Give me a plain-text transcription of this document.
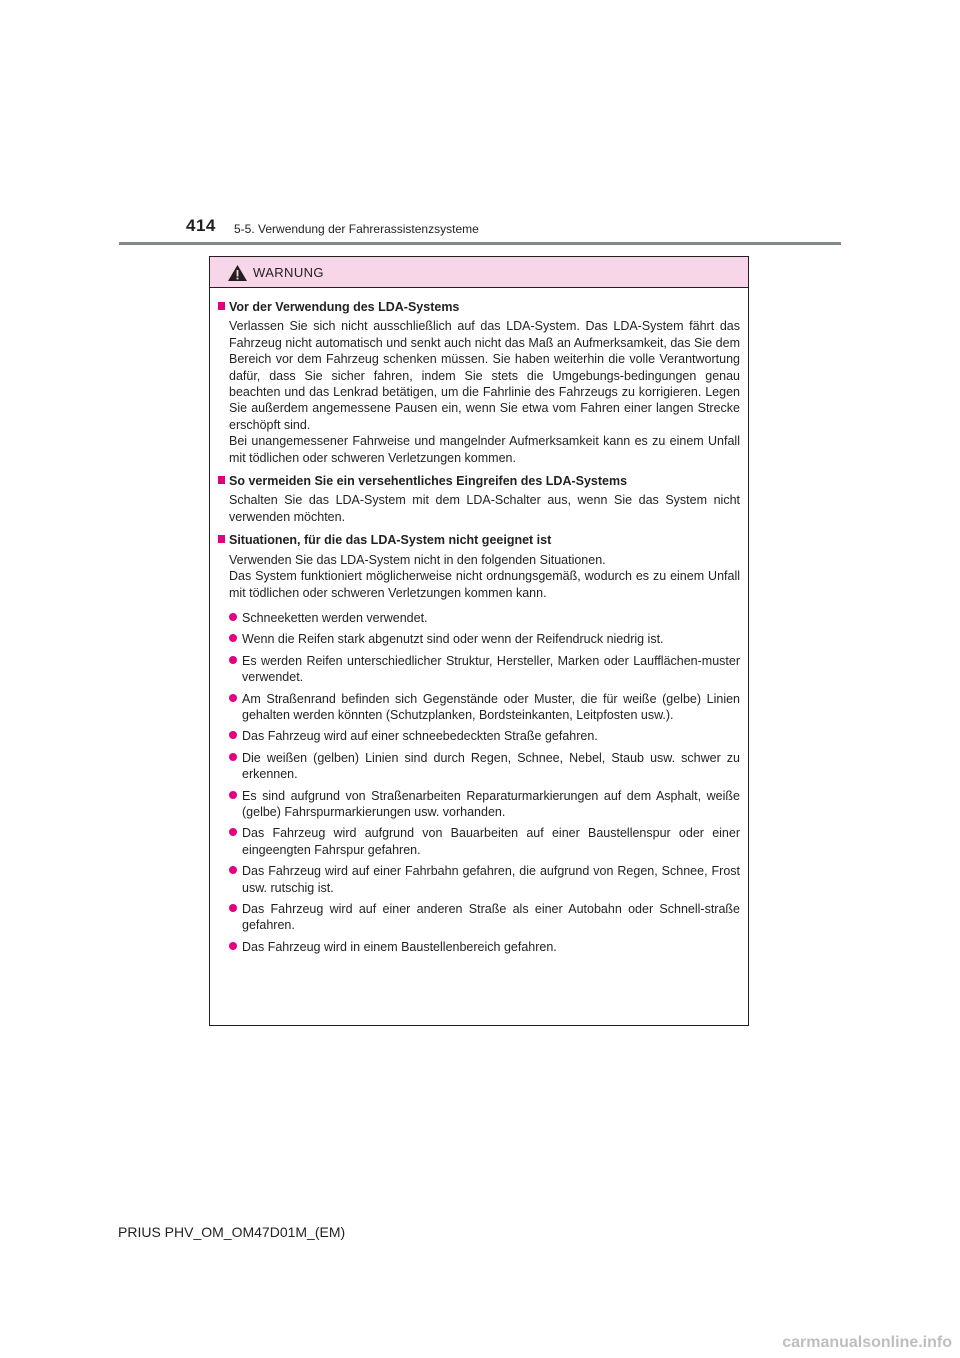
414 5-5. Verwendung der Fahrerassistenzsysteme
WARNUNG
Vor der Verwendung des LDA-Systems

Verlassen Sie sich nicht ausschließlich auf das LDA-System. Das LDA-System fährt das Fahrzeug nicht automatisch und senkt auch nicht das Maß an Aufmerksamkeit, das Sie dem Bereich vor dem Fahrzeug schenken müssen. Sie haben weiterhin die volle Verantwortung dafür, dass Sie sicher fahren, indem Sie stets die Umgebungs-bedingungen genau beachten und das Lenkrad betätigen, um die Fahrlinie des Fahrzeugs zu korrigieren. Legen Sie außerdem angemessene Pausen ein, wenn Sie etwa vom Fahren einer langen Strecke erschöpft sind.

Bei unangemessener Fahrweise und mangelnder Aufmerksamkeit kann es zu einem Unfall mit tödlichen oder schweren Verletzungen kommen.

So vermeiden Sie ein versehentliches Eingreifen des LDA-Systems

Schalten Sie das LDA-System mit dem LDA-Schalter aus, wenn Sie das System nicht verwenden möchten.

Situationen, für die das LDA-System nicht geeignet ist

Verwenden Sie das LDA-System nicht in den folgenden Situationen.

Das System funktioniert möglicherweise nicht ordnungsgemäß, wodurch es zu einem Unfall mit tödlichen oder schweren Verletzungen kommen kann.

Schneeketten werden verwendet.
Wenn die Reifen stark abgenutzt sind oder wenn der Reifendruck niedrig ist.
Es werden Reifen unterschiedlicher Struktur, Hersteller, Marken oder Laufflächen-muster verwendet.
Am Straßenrand befinden sich Gegenstände oder Muster, die für weiße (gelbe) Linien gehalten werden könnten (Schutzplanken, Bordsteinkanten, Leitpfosten usw.).
Das Fahrzeug wird auf einer schneebedeckten Straße gefahren.
Die weißen (gelben) Linien sind durch Regen, Schnee, Nebel, Staub usw. schwer zu erkennen.
Es sind aufgrund von Straßenarbeiten Reparaturmarkierungen auf dem Asphalt, weiße (gelbe) Fahrspurmarkierungen usw. vorhanden.
Das Fahrzeug wird aufgrund von Bauarbeiten auf einer Baustellenspur oder einer eingeengten Fahrspur gefahren.
Das Fahrzeug wird auf einer Fahrbahn gefahren, die aufgrund von Regen, Schnee, Frost usw. rutschig ist.
Das Fahrzeug wird auf einer anderen Straße als einer Autobahn oder Schnell-straße gefahren.
Das Fahrzeug wird in einem Baustellenbereich gefahren.
PRIUS PHV_OM_OM47D01M_(EM)
carmanualsonline.info
